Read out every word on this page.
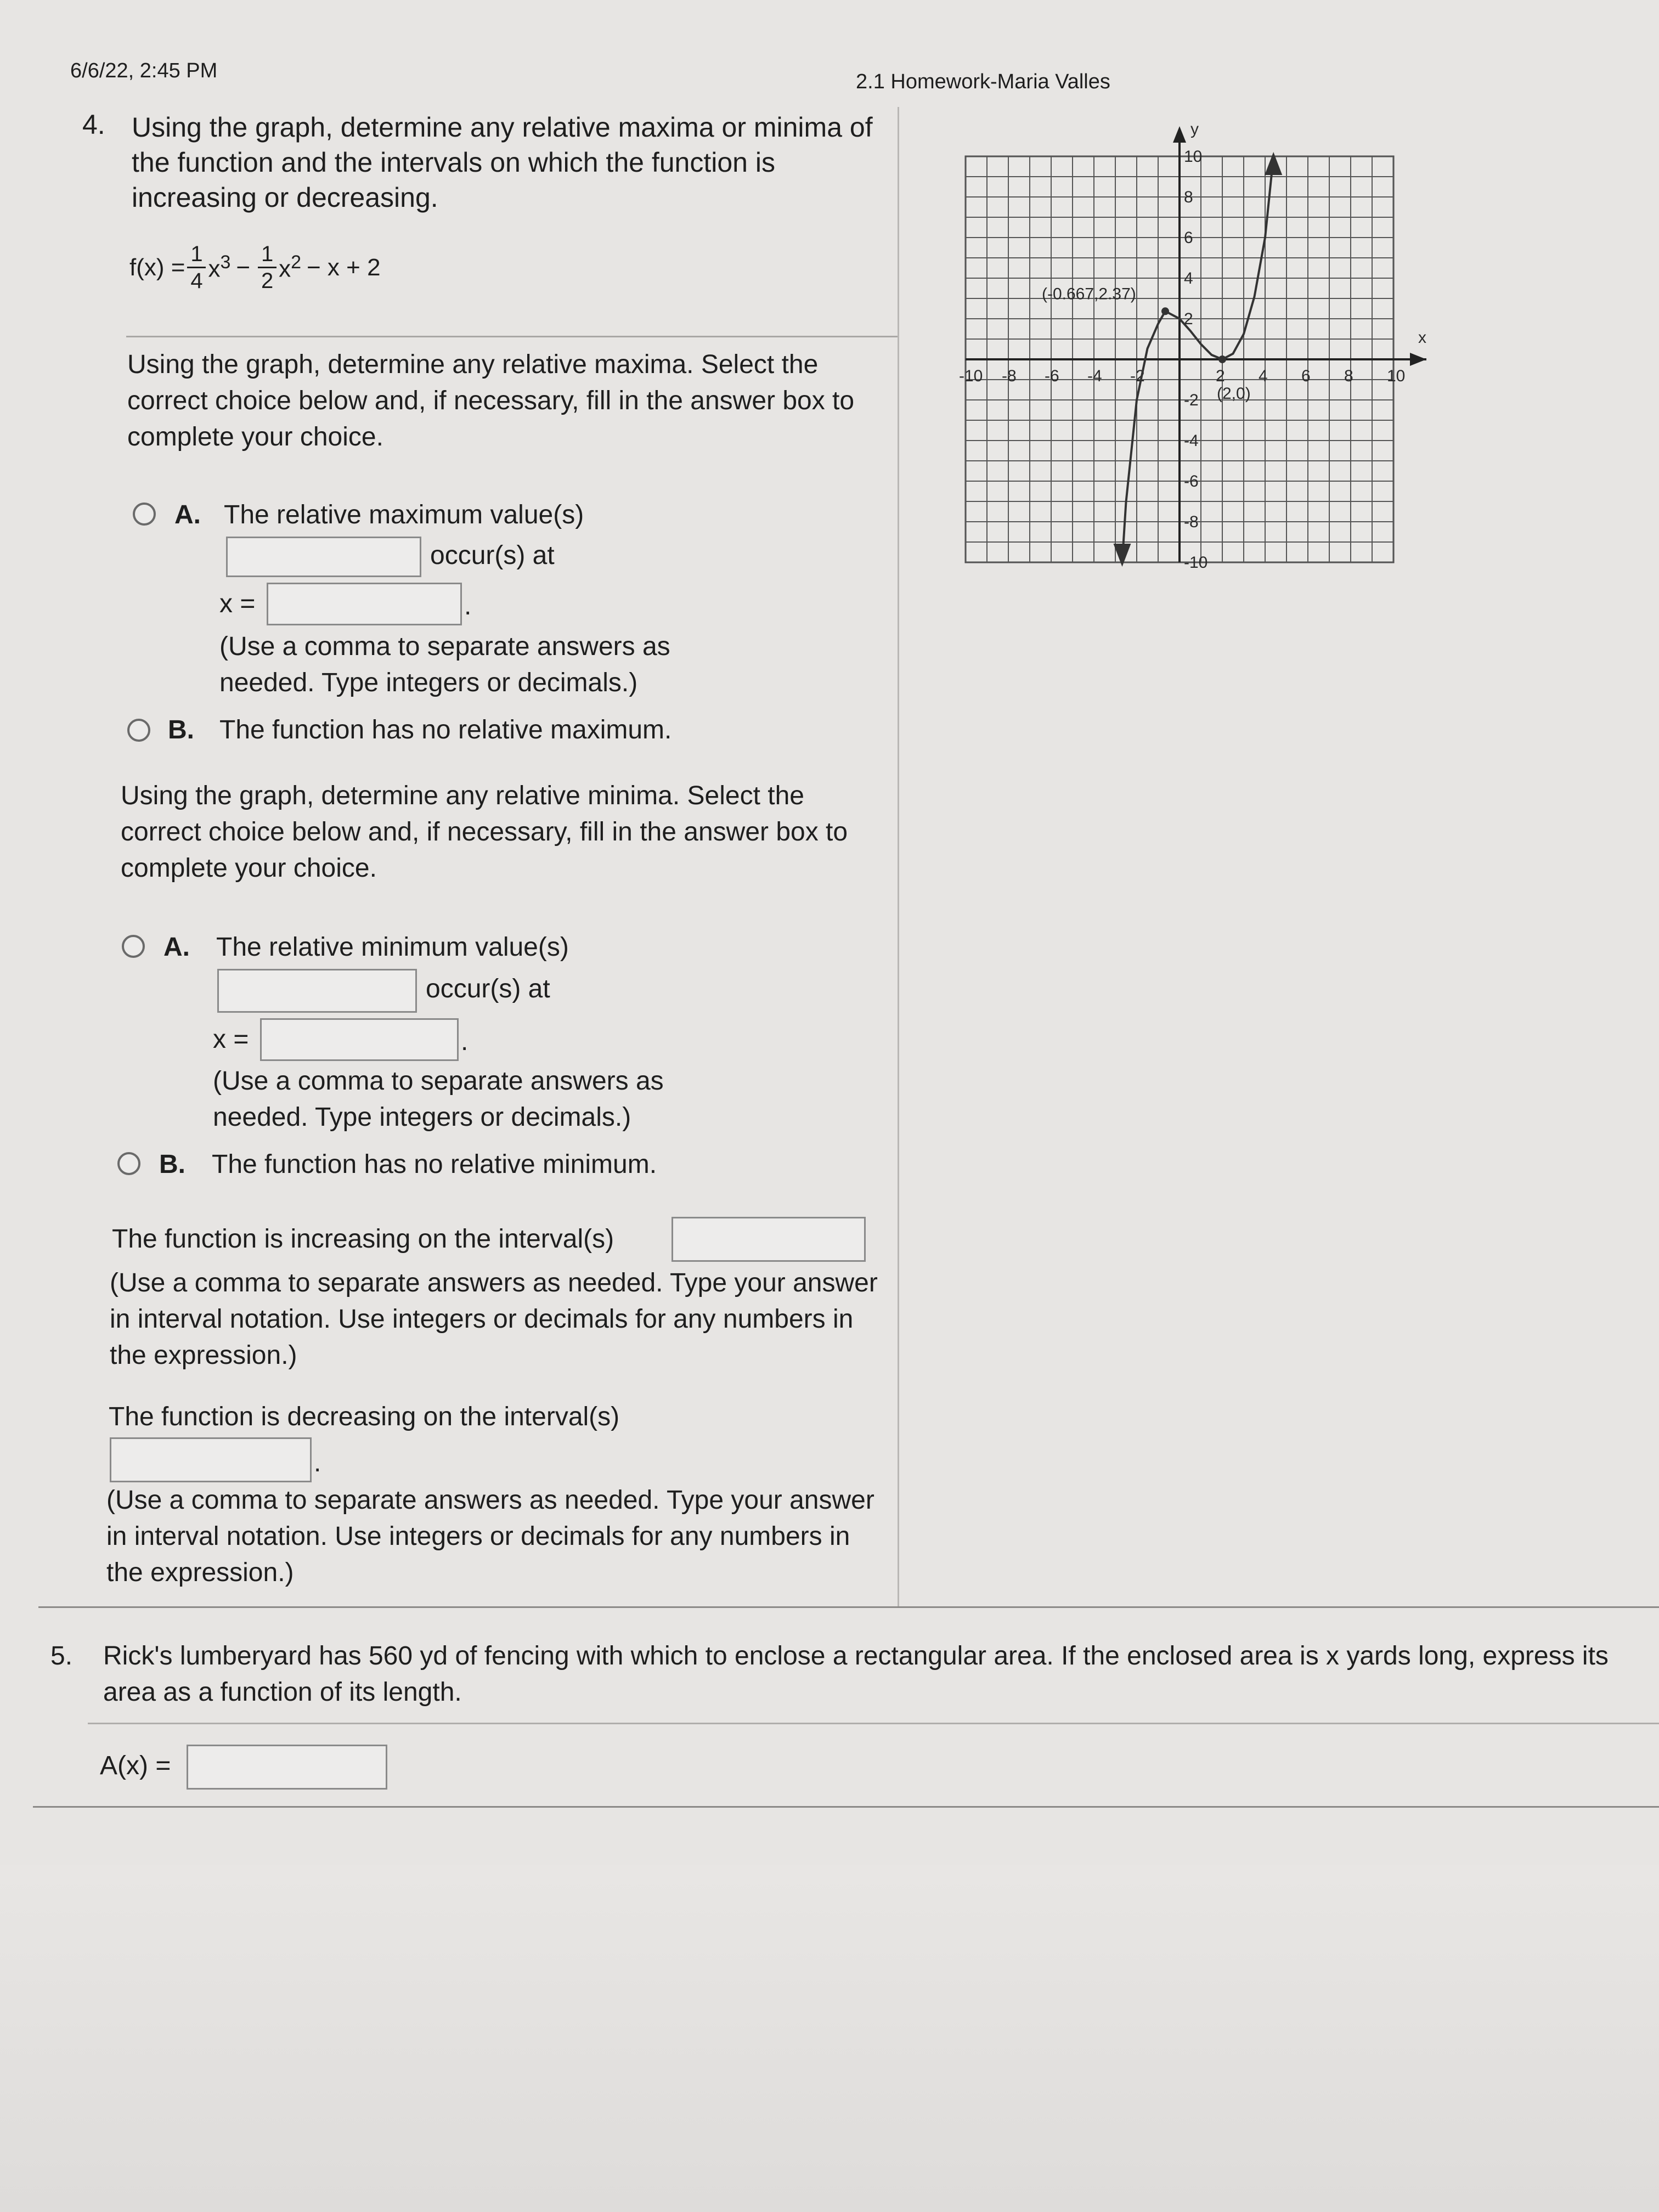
6/6/22, 2:45 PM	2.1 Homework-Maria Valles
4. Using the graph, determine any relative maxima or minima of the function and the intervals on which the function is increasing or decreasing.
$f(x) = \frac{1}{4} x^3 - \frac{1}{2} x^2 - x + 2$
Using the graph, determine any relative maxima. Select the correct choice below and, if necessary, fill in the answer box to complete your choice.
A. The relative maximum value(s)
occur(s) at
x =	.
(Use a comma to separate answers as needed. Type integers or decimals.)
B. The function has no relative maximum.
Using the graph, determine any relative minima. Select the correct choice below and, if necessary, fill in the answer box to complete your choice.
A. The relative minimum value(s)
occur(s) at
x =	.
(Use a comma to separate answers as needed. Type integers or decimals.)
B. The function has no relative minimum.
The function is increasing on the interval(s)
(Use a comma to separate answers as needed. Type your answer in interval notation. Use integers or decimals for any numbers in the expression.)
The function is decreasing on the interval(s)
.
(Use a comma to separate answers as needed. Type your answer in interval notation. Use integers or decimals for any numbers in the expression.)
-10 -8 -6 -4 -2	2 4 6 8 10
10
8
6
4
2
-2
-4
-6
-8
-10
(-0.667,2.37)
(2,0)
y
x
5. Rick's lumberyard has 560 yd of fencing with which to enclose a rectangular area. If the enclosed area is x yards long, express its area as a function of its length.
A(x) =
